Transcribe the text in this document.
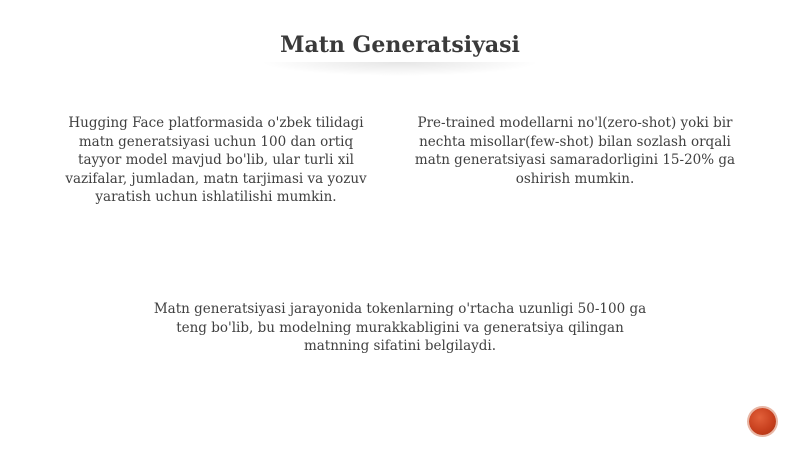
Matn Generatsiyasi
Hugging Face platformasida o'zbek tilidagi
matn generatsiyasi uchun 100 dan ortiq
tayyor model mavjud bo'lib, ular turli xil
vazifalar, jumladan, matn tarjimasi va yozuv
yaratish uchun ishlatilishi mumkin.
Pre-trained modellarni no'l(zero-shot) yoki bir
nechta misollar(few-shot) bilan sozlash orqali
matn generatsiyasi samaradorligini 15-20% ga
oshirish mumkin.
Matn generatsiyasi jarayonida tokenlarning o'rtacha uzunligi 50-100 ga
teng bo'lib, bu modelning murakkabligini va generatsiya qilingan
matnning sifatini belgilaydi.
